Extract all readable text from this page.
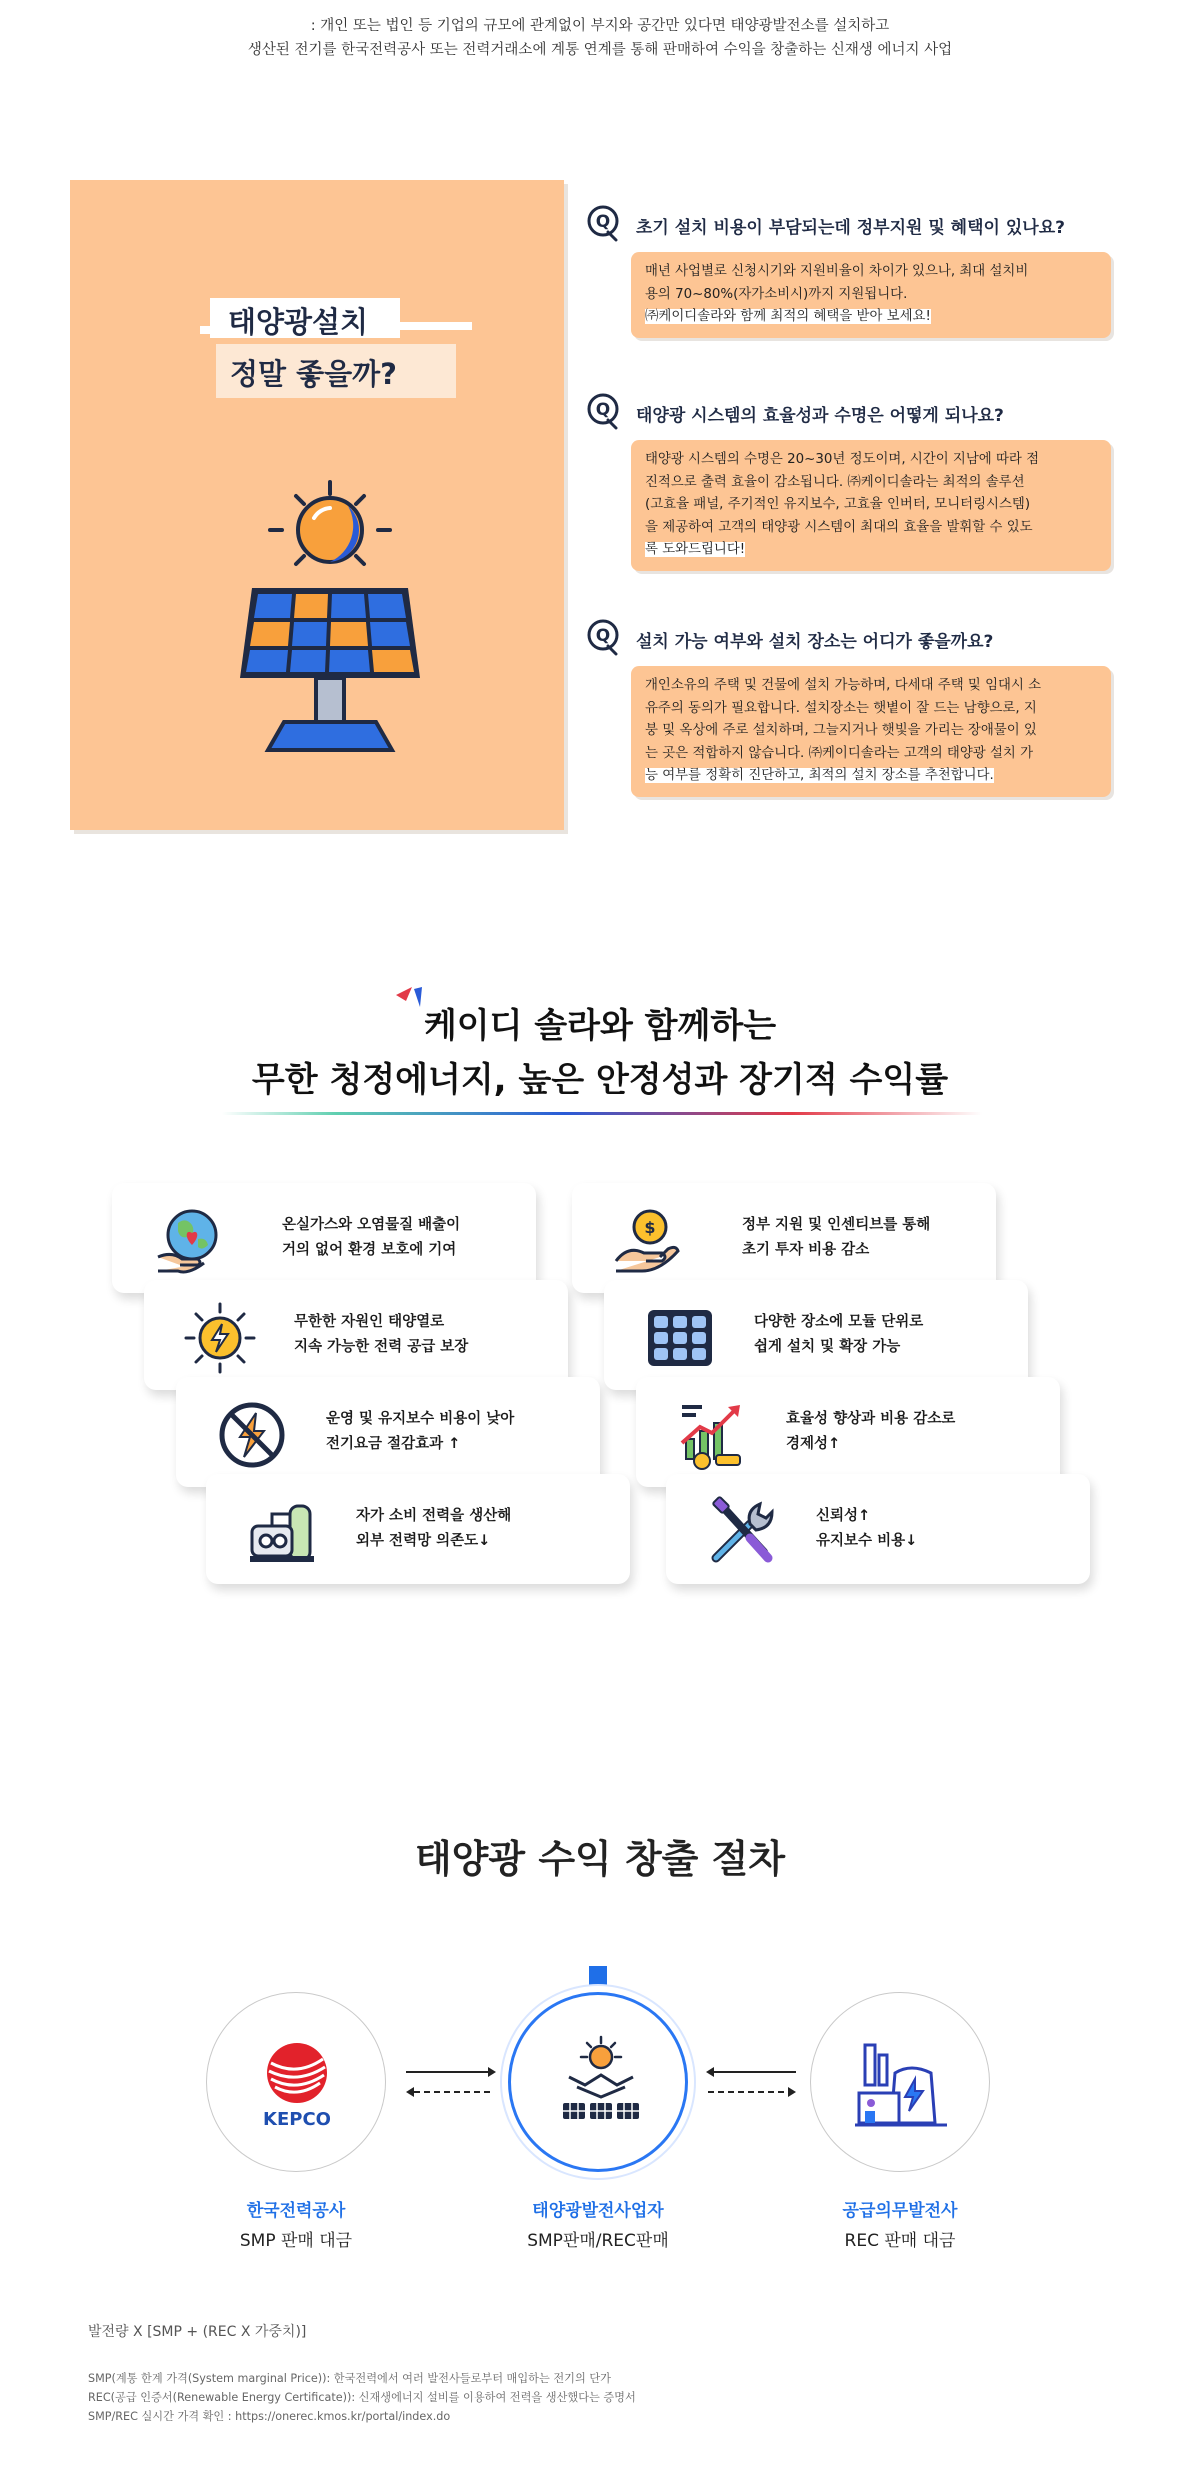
: 개인 또는 법인 등 기업의 규모에 관계없이 부지와 공간만 있다면 태양광발전소를 설치하고
생산된 전기를 한국전력공사 또는 전력거래소에 계통 연계를 통해 판매하여 수익을 창출하는 신재생 에너지 사업
태양광설치
정말 좋을까?
Q 초기 설치 비용이 부담되는데 정부지원 및 혜택이 있나요?

매년 사업별로 신청시기와 지원비율이 차이가 있으나, 최대 설치비

용의 70~80%(자가소비시)까지 지원됩니다.

㈜케이디솔라와 함께 최적의 혜택을 받아 보세요!

Q 태양광 시스템의 효율성과 수명은 어떻게 되나요?

태양광 시스템의 수명은 20~30년 정도이며, 시간이 지남에 따라 점

진적으로 출력 효율이 감소됩니다. ㈜케이디솔라는 최적의 솔루션

(고효율 패널, 주기적인 유지보수, 고효율 인버터, 모니터링시스템)

을 제공하여 고객의 태양광 시스템이 최대의 효율을 발휘할 수 있도

록 도와드립니다!

Q 설치 가능 여부와 설치 장소는 어디가 좋을까요?

개인소유의 주택 및 건물에 설치 가능하며, 다세대 주택 및 임대시 소

유주의 동의가 필요합니다. 설치장소는 햇볕이 잘 드는 남향으로, 지

붕 및 옥상에 주로 설치하며, 그늘지거나 햇빛을 가리는 장애물이 있

는 곳은 적합하지 않습니다. ㈜케이디솔라는 고객의 태양광 설치 가

능 여부를 정확히 진단하고, 최적의 설치 장소를 추천합니다.

케이디 솔라와 함께하는
무한 청정에너지, 높은 안정성과 장기적 수익률
온실가스와 오염물질 배출이
거의 없어 환경 보호에 기여
무한한 자원인 태양열로
지속 가능한 전력 공급 보장
운영 및 유지보수 비용이 낮아
전기요금 절감효과 ↑
자가 소비 전력을 생산해
외부 전력망 의존도↓
$	정부 지원 및 인센티브를 통해
초기 투자 비용 감소
다양한 장소에 모듈 단위로
쉽게 설치 및 확장 가능
효율성 향상과 비용 감소로
경제성↑
신뢰성↑
유지보수 비용↓
태양광 수익 창출 절차
KEPCO
한국전력공사
SMP 판매 대금
태양광발전사업자
SMP판매/REC판매
공급의무발전사
REC 판매 대금
발전량 X [SMP + (REC X 가중치)]
SMP(계통 한계 가격(System marginal Price)): 한국전력에서 여러 발전사들로부터 매입하는 전기의 단가
REC(공급 인증서(Renewable Energy Certificate)): 신재생에너지 설비를 이용하여 전력을 생산했다는 증명서
SMP/REC 실시간 가격 확인 : https://onerec.kmos.kr/portal/index.do
